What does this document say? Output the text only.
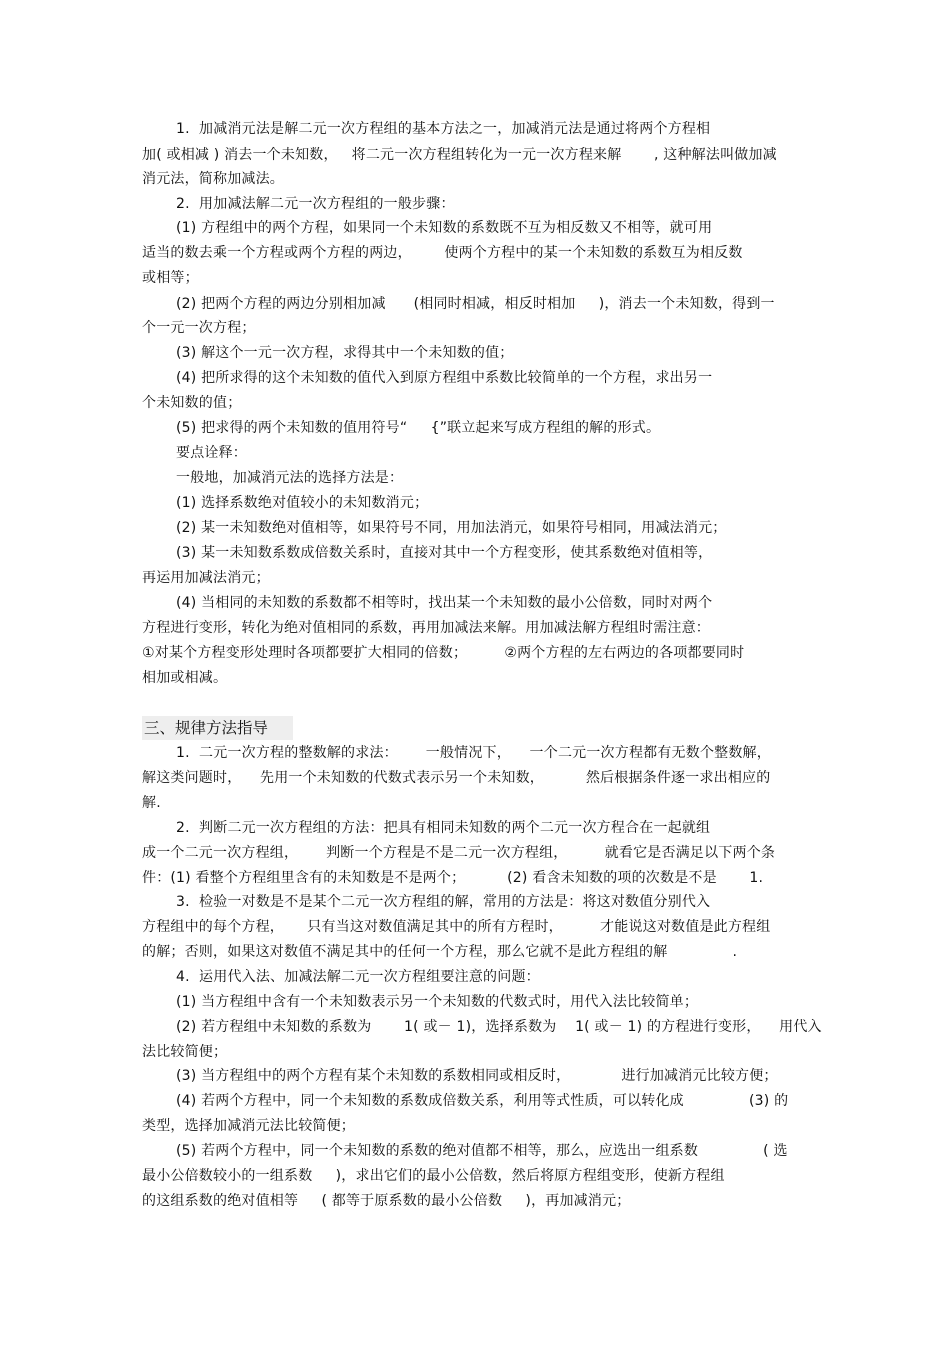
1.  加减消元法是解二元一次方程组的基本方法之一，加减消元法是通过将两个方程相
加( 或相减 ) 消去一个未知数，   将二元一次方程组转化为一元一次方程来解       , 这种解法叫做加减
消元法，简称加减法。
2.  用加减法解二元一次方程组的一般步骤：
(1) 方程组中的两个方程，如果同一个未知数的系数既不互为相反数又不相等，就可用
适当的数去乘一个方程或两个方程的两边，       使两个方程中的某一个未知数的系数互为相反数
或相等；
(2) 把两个方程的两边分别相加减      (相同时相减，相反时相加     )，消去一个未知数，得到一
个一元一次方程；
(3) 解这个一元一次方程，求得其中一个未知数的值；
(4) 把所求得的这个未知数的值代入到原方程组中系数比较简单的一个方程，求出另一
个未知数的值；
(5) 把求得的两个未知数的值用符号“     {”联立起来写成方程组的解的形式。
要点诠释：
一般地，加减消元法的选择方法是：
(1) 选择系数绝对值较小的未知数消元；
(2) 某一未知数绝对值相等，如果符号不同，用加法消元，如果符号相同，用减法消元；
(3) 某一未知数系数成倍数关系时，直接对其中一个方程变形，使其系数绝对值相等，
再运用加减法消元；
(4) 当相同的未知数的系数都不相等时，找出某一个未知数的最小公倍数，同时对两个
方程进行变形，转化为绝对值相同的系数，再用加减法来解。用加减法解方程组时需注意：
①对某个方程变形处理时各项都要扩大相同的倍数；        ②两个方程的左右两边的各项都要同时
相加或相减。
三、规律方法指导
1.  二元一次方程的整数解的求法：      一般情况下，    一个二元一次方程都有无数个整数解，
解这类问题时，    先用一个未知数的代数式表示另一个未知数，         然后根据条件逐一求出相应的
解.
2.  判断二元一次方程组的方法：把具有相同未知数的两个二元一次方程合在一起就组
成一个二元一次方程组，      判断一个方程是不是二元一次方程组，        就看它是否满足以下两个条
件：(1) 看整个方程组里含有的未知数是不是两个；         (2) 看含未知数的项的次数是不是       1.
3.  检验一对数是不是某个二元一次方程组的解，常用的方法是：将这对数值分别代入
方程组中的每个方程，     只有当这对数值满足其中的所有方程时，        才能说这对数值是此方程组
的解；否则，如果这对数值不满足其中的任何一个方程，那么它就不是此方程组的解              .
4.  运用代入法、加减法解二元一次方程组要注意的问题：
(1) 当方程组中含有一个未知数表示另一个未知数的代数式时，用代入法比较简单；
(2) 若方程组中未知数的系数为       1( 或－ 1)，选择系数为    1( 或－ 1) 的方程进行变形，    用代入
法比较简便；
(3) 当方程组中的两个方程有某个未知数的系数相同或相反时，           进行加减消元比较方便；
(4) 若两个方程中，同一个未知数的系数成倍数关系，利用等式性质，可以转化成              (3) 的
类型，选择加减消元法比较简便；
(5) 若两个方程中，同一个未知数的系数的绝对值都不相等，那么，应选出一组系数              ( 选
最小公倍数较小的一组系数     )，求出它们的最小公倍数，然后将原方程组变形，使新方程组
的这组系数的绝对值相等     ( 都等于原系数的最小公倍数     )，再加减消元；
